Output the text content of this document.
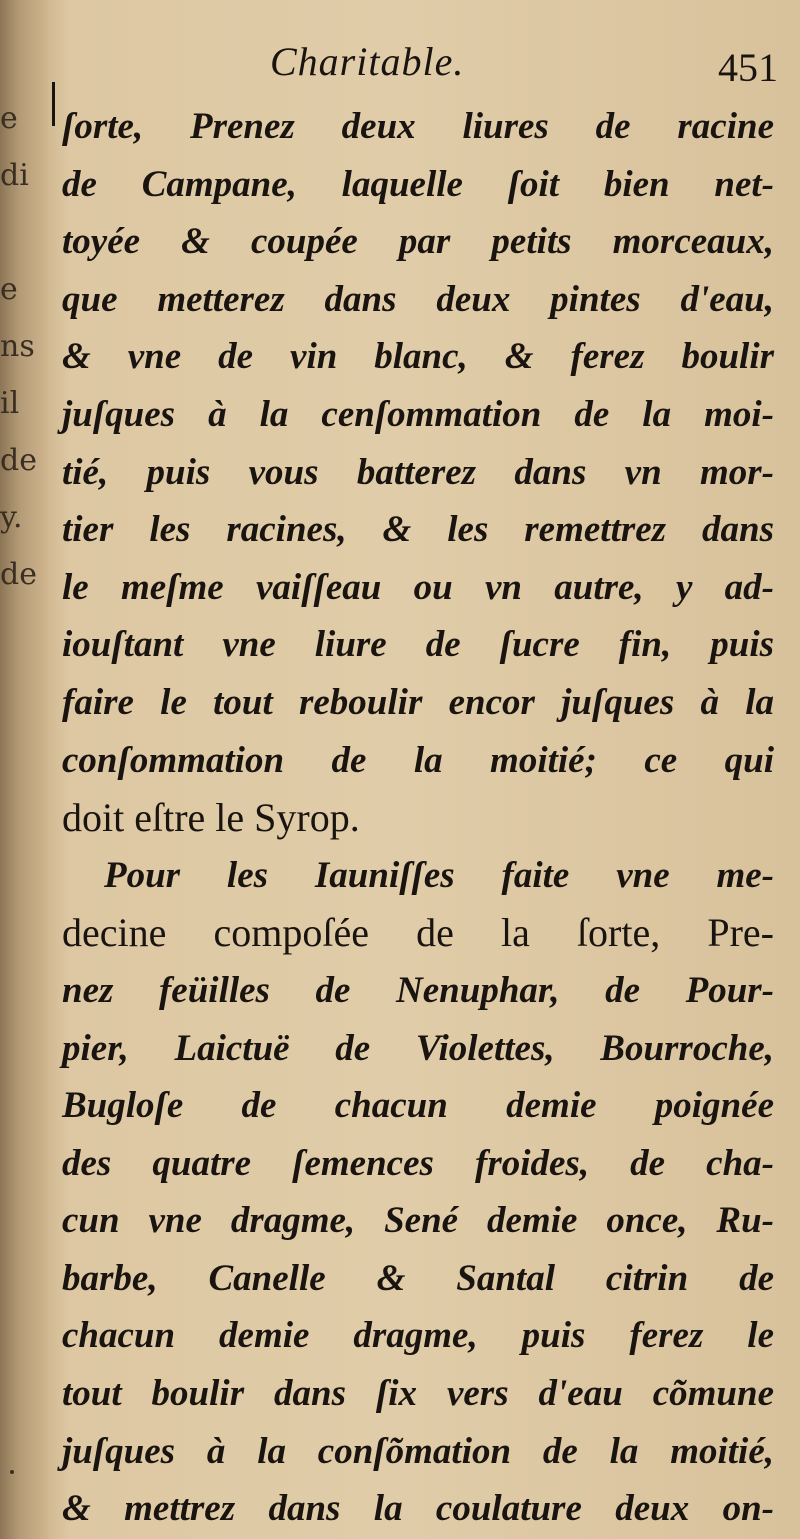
e
di

e
ns
il
de
y.
de

Charitable.	451
ſorte, Prenez deux liures de racine
de Campane, laquelle ſoit bien net-
toyée & coupée par petits morceaux,
que metterez dans deux pintes d'eau,
& vne de vin blanc, & ferez boulir
juſques à la cenſommation de la moi-
tié, puis vous batterez dans vn mor-
tier les racines, & les remettrez dans
le meſme vaiſſeau ou vn autre, y ad-
iouſtant vne liure de ſucre fin, puis
faire le tout reboulir encor juſques à la
conſommation de la moitié; ce qui
doit eſtre le Syrop.
Pour les Iauniſſes faite vne me-
decine compoſée de la ſorte, Pre-
nez feüilles de Nenuphar, de Pour-
pier, Laictuë de Violettes, Bourroche,
Bugloſe de chacun demie poignée
des quatre ſemences froides, de cha-
cun vne dragme, Sené demie once, Ru-
barbe, Canelle & Santal citrin de
chacun demie dragme, puis ferez le
tout boulir dans ſix vers d'eau cõmune
juſques à la conſõmation de la moitié,
& mettrez dans la coulature deux on-
